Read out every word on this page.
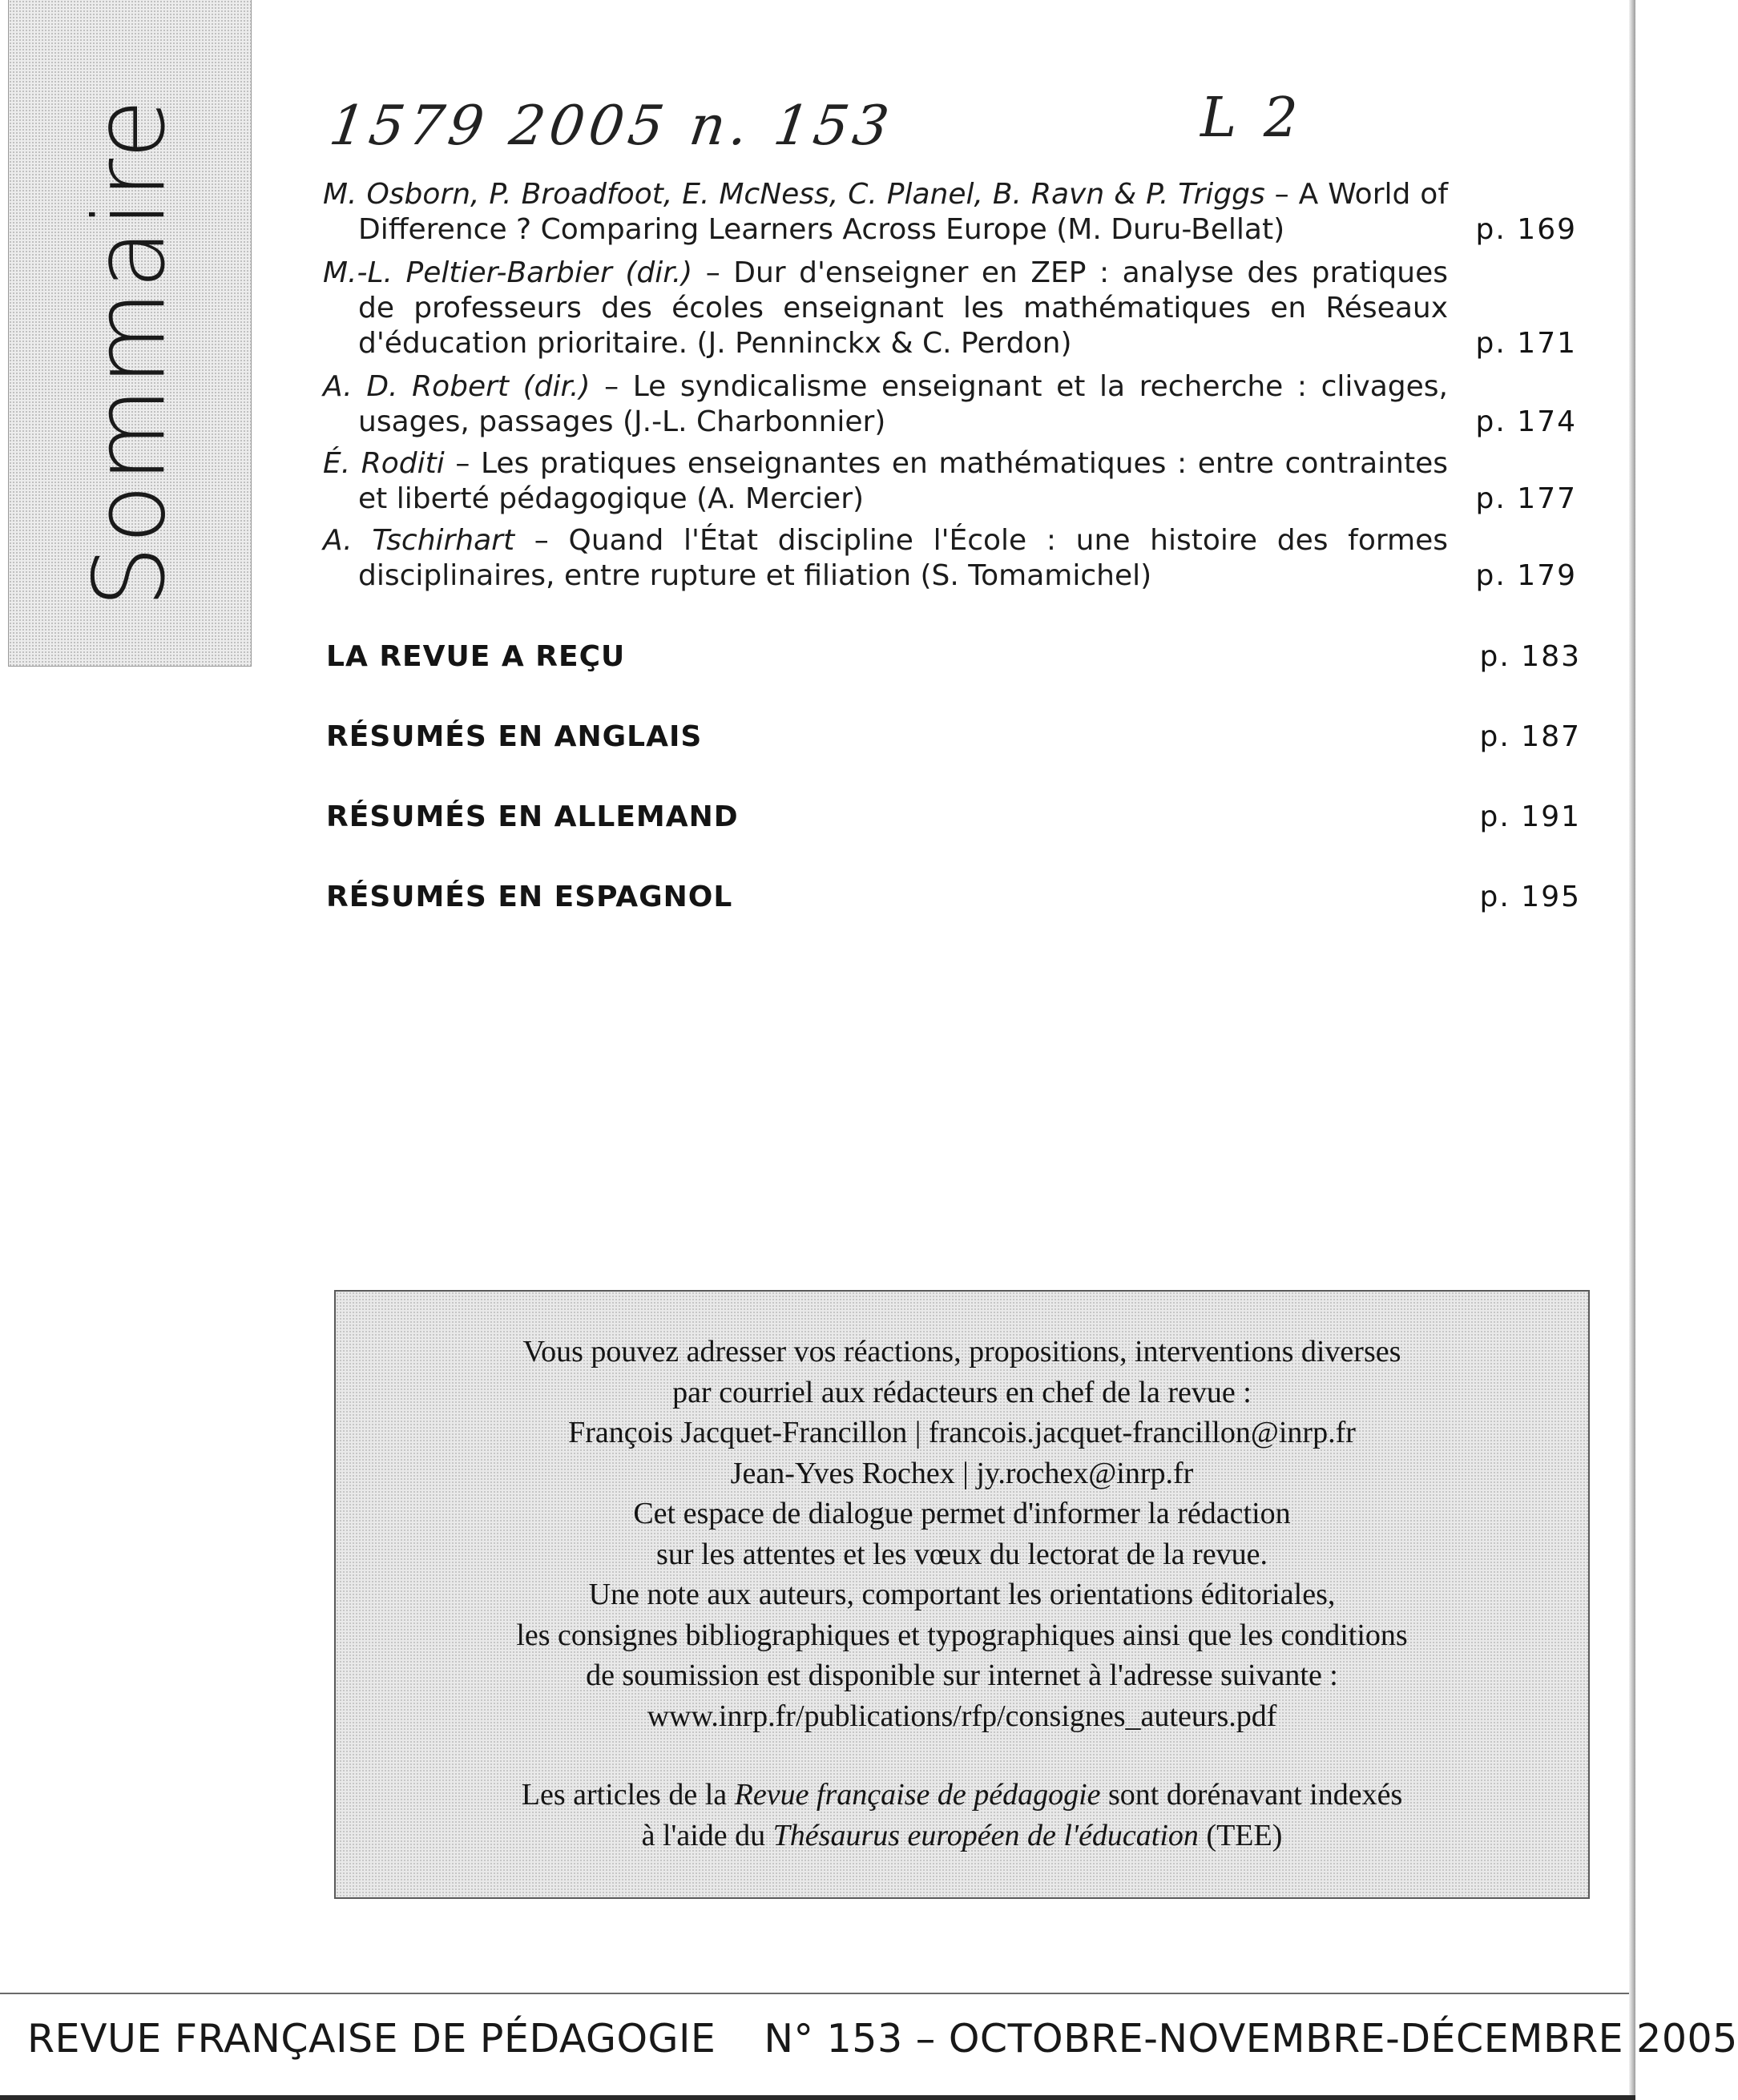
Sommaire	1579 2005 n. 153	L 2
M. Osborn, P. Broadfoot, E. McNess, C. Planel, B. Ravn & P. Triggs – A World of Difference ? Comparing Learners Across Europe (M. Duru-Bellat)	p. 169
M.-L. Peltier-Barbier (dir.) – Dur d'enseigner en ZEP : analyse des pratiques de professeurs des écoles enseignant les mathématiques en Réseaux d'éducation prioritaire. (J. Penninckx & C. Perdon)	p. 171
A. D. Robert (dir.) – Le syndicalisme enseignant et la recherche : clivages, usages, passages (J.-L. Charbonnier)	p. 174
É. Roditi – Les pratiques enseignantes en mathématiques : entre contraintes et liberté pédagogique (A. Mercier)	p. 177
A. Tschirhart – Quand l'État discipline l'École : une histoire des formes disciplinaires, entre rupture et filiation (S. Tomamichel)	p. 179
LA REVUE A REÇU	p. 183
RÉSUMÉS EN ANGLAIS	p. 187
RÉSUMÉS EN ALLEMAND	p. 191
RÉSUMÉS EN ESPAGNOL	p. 195

Vous pouvez adresser vos réactions, propositions, interventions diverses

par courriel aux rédacteurs en chef de la revue :

François Jacquet-Francillon | francois.jacquet-francillon@inrp.fr

Jean-Yves Rochex | jy.rochex@inrp.fr

Cet espace de dialogue permet d'informer la rédaction

sur les attentes et les vœux du lectorat de la revue.

Une note aux auteurs, comportant les orientations éditoriales,

les consignes bibliographiques et typographiques ainsi que les conditions

de soumission est disponible sur internet à l'adresse suivante :

www.inrp.fr/publications/rfp/consignes_auteurs.pdf

Les articles de la Revue française de pédagogie sont dorénavant indexés

à l'aide du Thésaurus européen de l'éducation (TEE)

REVUE FRANÇAISE DE PÉDAGOGIE N° 153 – OCTOBRE-NOVEMBRE-DÉCEMBRE 2005
